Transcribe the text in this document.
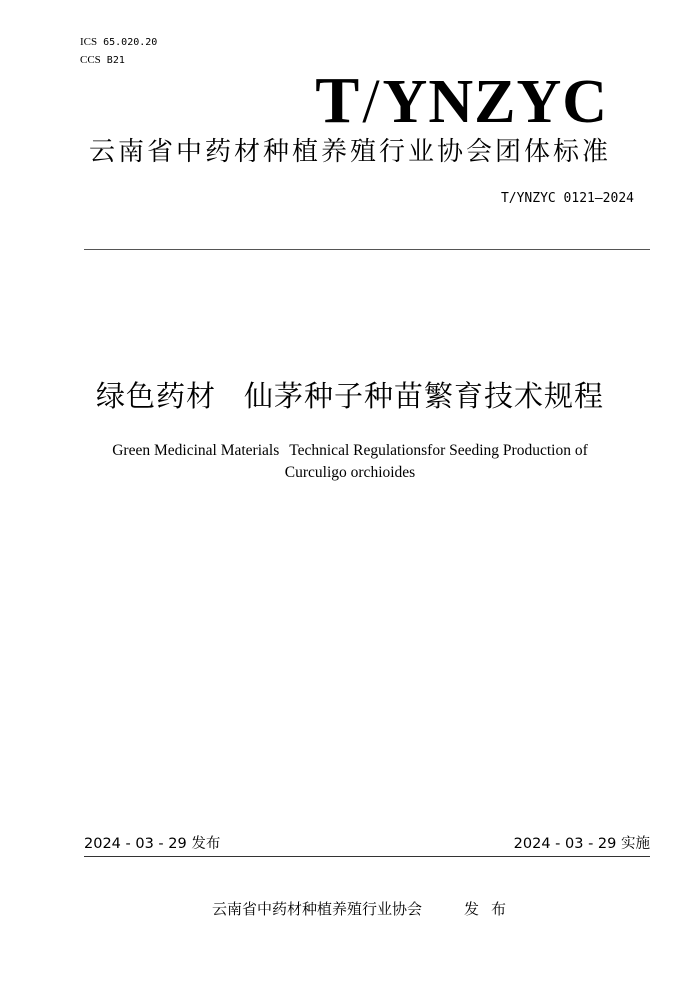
ICS 65.020.20
CCS B21
T/YNZYC
云南省中药材种植养殖行业协会团体标准
T/YNZYC 0121—2024
绿色药材 仙茅种子种苗繁育技术规程
Green Medicinal Materials Technical Regulationsfor Seeding Production of
Curculigo orchioides
2024 - 03 - 29 发布	2024 - 03 - 29 实施
云南省中药材种植养殖行业协会	发布
